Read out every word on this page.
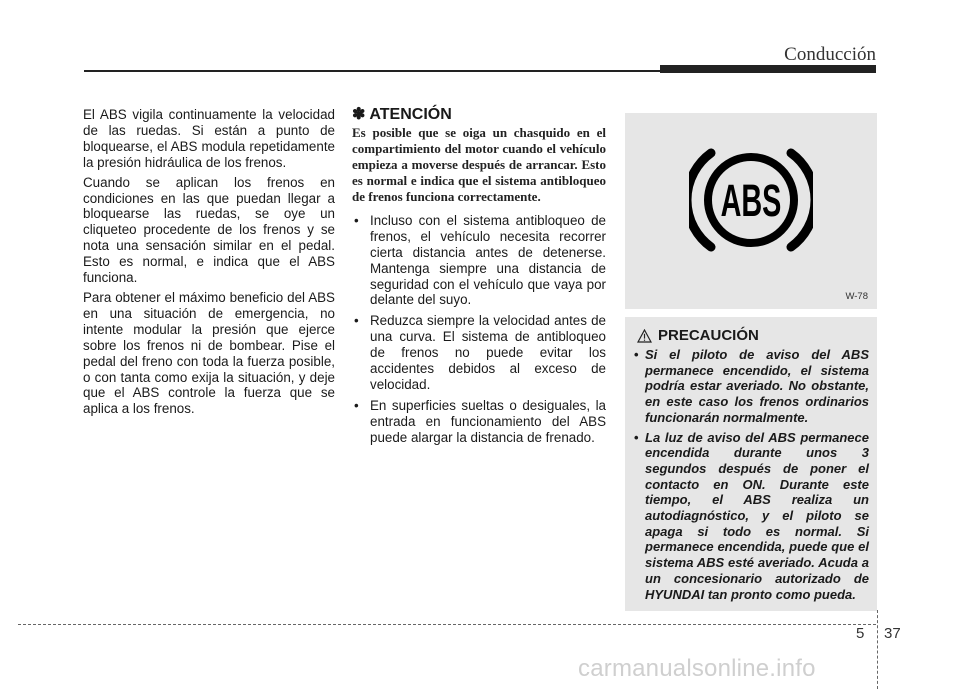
Conducción

El ABS vigila continuamente la velocidad de las ruedas. Si están a punto de bloquearse, el ABS modula repetidamente la presión hidráulica de los frenos.

Cuando se aplican los frenos en condiciones en las que puedan llegar a bloquearse las ruedas, se oye un cliqueteo procedente de los frenos y se nota una sensación similar en el pedal. Esto es normal, e indica que el ABS funciona.

Para obtener el máximo beneficio del ABS en una situación de emergencia, no intente modular la presión que ejerce sobre los frenos ni de bombear. Pise el pedal del freno con toda la fuerza posible, o con tanta como exija la situación, y deje que el ABS controle la fuerza que se aplica a los frenos.

✽ ATENCIÓN
Es posible que se oiga un chasquido en el compartimiento del motor cuando el vehículo empieza a moverse después de arrancar. Esto es normal e indica que el sistema antibloqueo de frenos funciona correctamente.
• Incluso con el sistema antibloqueo de frenos, el vehículo necesita recorrer cierta distancia antes de detenerse. Mantenga siempre una distancia de seguridad con el vehículo que vaya por delante del suyo.
• Reduzca siempre la velocidad antes de una curva. El sistema de antibloqueo de frenos no puede evitar los accidentes debidos al exceso de velocidad.
• En superficies sueltas o desiguales, la entrada en funcionamiento del ABS puede alargar la distancia de frenado.
ABS
W-78
PRECAUCIÓN
• Si el piloto de aviso del ABS permanece encendido, el sistema podría estar averiado. No obstante, en este caso los frenos ordinarios funcionarán normalmente.
• La luz de aviso del ABS permanece encendida durante unos 3 segundos después de poner el contacto en ON. Durante este tiempo, el ABS realiza un autodiagnóstico, y el piloto se apaga si todo es normal. Si permanece encendida, puede que el sistema ABS esté averiado. Acuda a un concesionario autorizado de HYUNDAI tan pronto como pueda.
5 37
carmanualsonline.info
